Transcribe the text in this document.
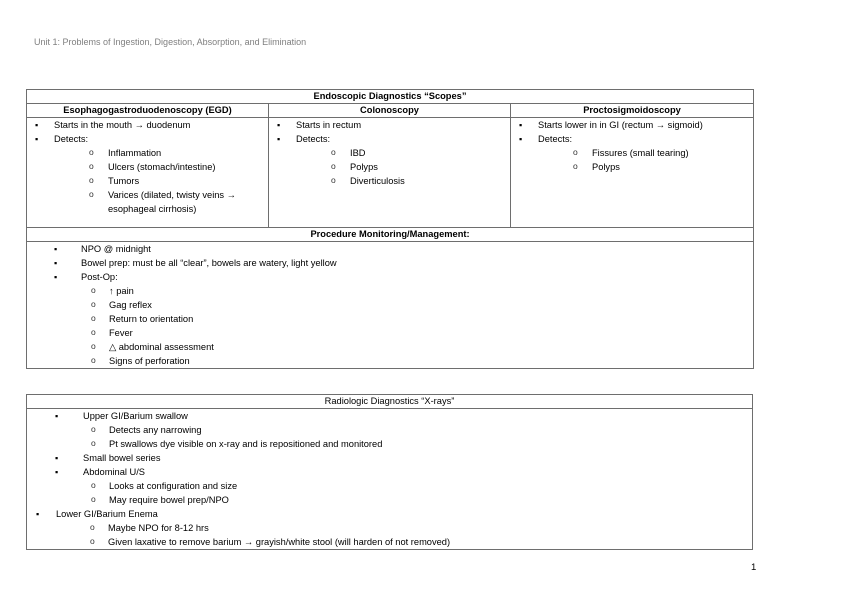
Unit 1: Problems of Ingestion, Digestion, Absorption, and Elimination
Endoscopic Diagnostics “Scopes”		
Esophagogastroduodenoscopy (EGD)	Colonoscopy	Proctosigmoidoscopy

▪ Starts in the mouth → duodenum
▪ Detects:
o Inflammation
o Ulcers (stomach/intestine)
o Tumors
o Varices (dilated, twisty veins →
esophageal cirrhosis)

▪ Starts in rectum
▪ Detects:
o IBD
o Polyps
o Diverticulosis

▪ Starts lower in in GI (rectum → sigmoid)
▪ Detects:
o Fissures (small tearing)
o Polyps

Procedure Monitoring/Management:		

▪ NPO @ midnight
▪ Bowel prep: must be all “clear”, bowels are watery, light yellow
▪ Post-Op:
o ↑ pain
o Gag reflex
o Return to orientation
o Fever
o △ abdominal assessment
o Signs of perforation
Radiologic Diagnostics “X-rays”

▪ Upper GI/Barium swallow
o Detects any narrowing
o Pt swallows dye visible on x-ray and is repositioned and monitored
▪ Small bowel series
▪ Abdominal U/S
o Looks at configuration and size
o May require bowel prep/NPO
▪ Lower GI/Barium Enema
o Maybe NPO for 8-12 hrs
o Given laxative to remove barium → grayish/white stool (will harden of not removed)
1
